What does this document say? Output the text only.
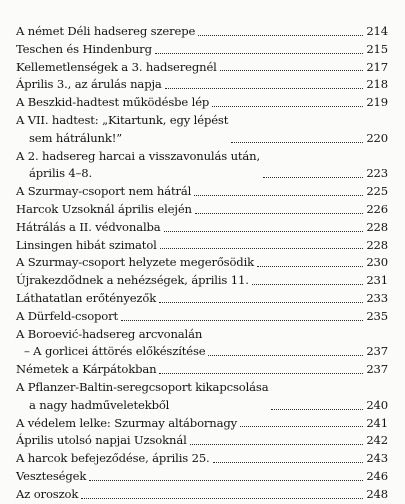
A német Déli hadsereg szerepe	214
Teschen és Hindenburg	215
Kellemetlenségek a 3. hadseregnél	217
Április 3., az árulás napja	218
A Beszkid-hadtest működésbe lép	219
A VII. hadtest: „Kitartunk, egy lépést
sem hátrálunk!”	220
A 2. hadsereg harcai a visszavonulás után,
április 4–8.	223
A Szurmay-csoport nem hátrál	225
Harcok Uzsoknál április elején	226
Hátrálás a II. védvonalba	228
Linsingen hibát szimatol	228
A Szurmay-csoport helyzete megerősödik	230
Újrakezdődnek a nehézségek, április 11.	231
Láthatatlan erőtényezők	233
A Dürfeld-csoport	235
A Boroević-hadsereg arcvonalán
– A gorlicei áttörés előkészítése	237
Németek a Kárpátokban	237
A Pflanzer-Baltin-seregcsoport kikapcsolása
a nagy hadműveletekből	240
A védelem lelke: Szurmay altábornagy	241
Április utolsó napjai Uzsoknál	242
A harcok befejeződése, április 25.	243
Veszteségek	246
Az oroszok	248
